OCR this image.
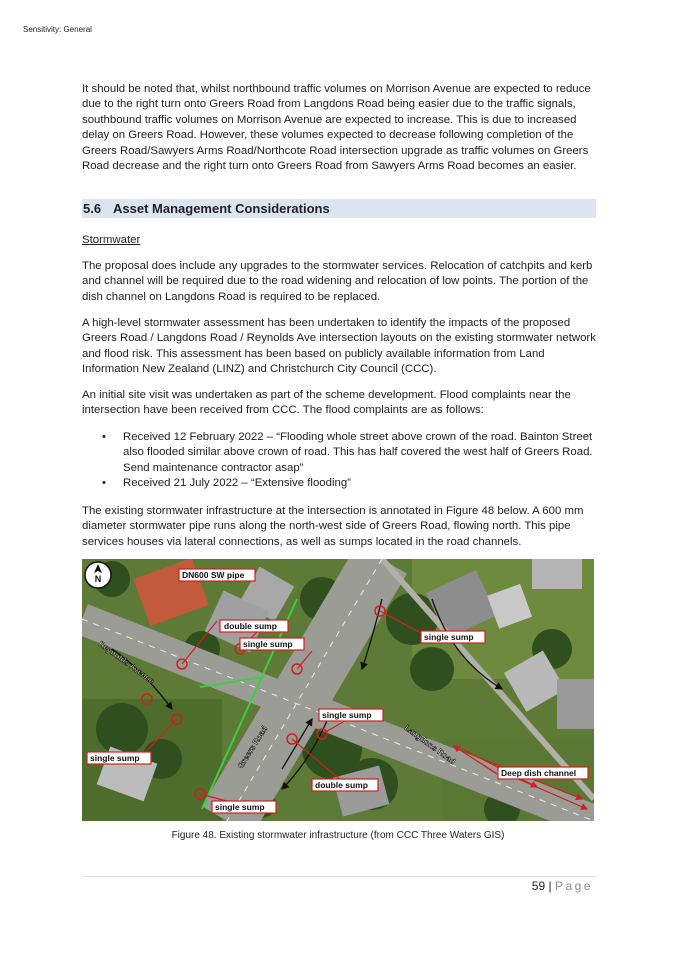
Sensitivity: General

It should be noted that, whilst northbound traffic volumes on Morrison Avenue are expected to reduce due to the right turn onto Greers Road from Langdons Road being easier due to the traffic signals, southbound traffic volumes on Morrison Avenue are expected to increase. This is due to increased delay on Greers Road. However, these volumes expected to decrease following completion of the Greers Road/Sawyers Arms Road/Northcote Road intersection upgrade as traffic volumes on Greers Road decrease and the right turn onto Greers Road from Sawyers Arms Road becomes an easier.

5.6 Asset Management Considerations

Stormwater

The proposal does include any upgrades to the stormwater services. Relocation of catchpits and kerb and channel will be required due to the road widening and relocation of low points. The portion of the dish channel on Langdons Road is required to be replaced.

A high-level stormwater assessment has been undertaken to identify the impacts of the proposed Greers Road / Langdons Road / Reynolds Ave intersection layouts on the existing stormwater network and flood risk. This assessment has been based on publicly available information from Land Information New Zealand (LINZ) and Christchurch City Council (CCC).

An initial site visit was undertaken as part of the scheme development. Flood complaints near the intersection have been received from CCC. The flood complaints are as follows:

• Received 12 February 2022 – “Flooding whole street above crown of the road. Bainton Street also flooded similar above crown of road. This has half covered the west half of Greers Road. Send maintenance contractor asap”
• Received 21 July 2022 – “Extensive flooding”

The existing stormwater infrastructure at the intersection is annotated in Figure 48 below. A 600 mm diameter stormwater pipe runs along the north-west side of Greers Road, flowing north. This pipe services houses via lateral connections, as well as sumps located in the road channels.

N
Reynolds Avenue
Greers Road	Langdons Road
DN600 SW pipe
double sump
single sump
single sump
single sump
single sump
double sump
single sump
Deep dish channel
Figure 48. Existing stormwater infrastructure (from CCC Three Waters GIS)
59 | Page
